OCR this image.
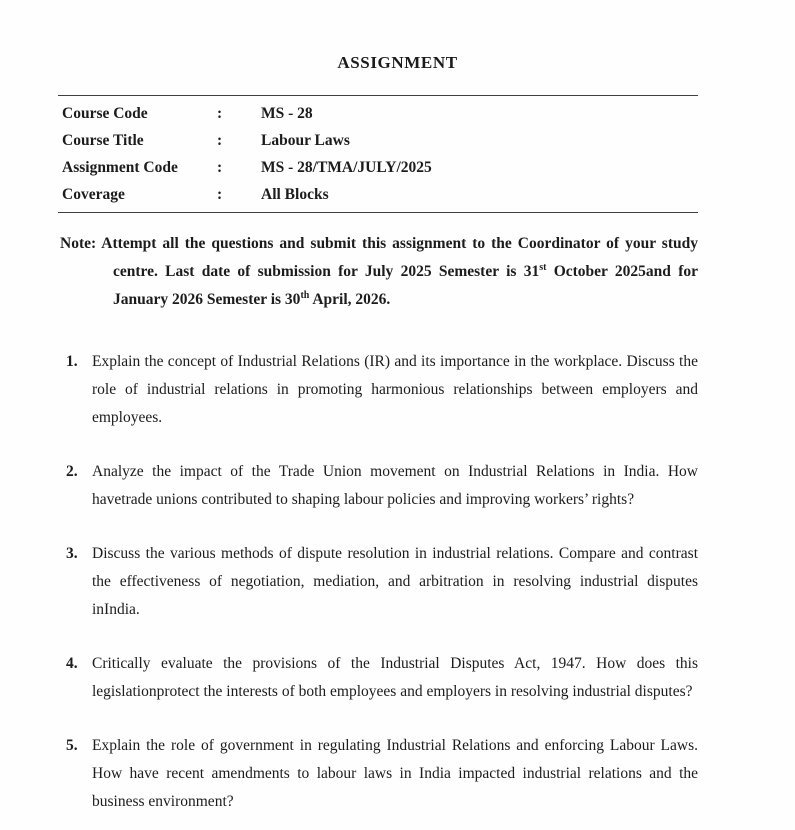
ASSIGNMENT
Course Code	:	MS - 28
Course Title	:	Labour Laws
Assignment Code	:	MS - 28/TMA/JULY/2025
Coverage	:	All Blocks

Note: Attempt all the questions and submit this assignment to the Coordinator of your study centre. Last date of submission for July 2025 Semester is 31st October 2025and for January 2026 Semester is 30th April, 2026.

1. Explain the concept of Industrial Relations (IR) and its importance in the workplace. Discuss the role of industrial relations in promoting harmonious relationships between employers and employees.
2. Analyze the impact of the Trade Union movement on Industrial Relations in India. How havetrade unions contributed to shaping labour policies and improving workers’ rights?
3. Discuss the various methods of dispute resolution in industrial relations. Compare and contrast the effectiveness of negotiation, mediation, and arbitration in resolving industrial disputes inIndia.
4. Critically evaluate the provisions of the Industrial Disputes Act, 1947. How does this legislationprotect the interests of both employees and employers in resolving industrial disputes?
5. Explain the role of government in regulating Industrial Relations and enforcing Labour Laws. How have recent amendments to labour laws in India impacted industrial relations and the business environment?
